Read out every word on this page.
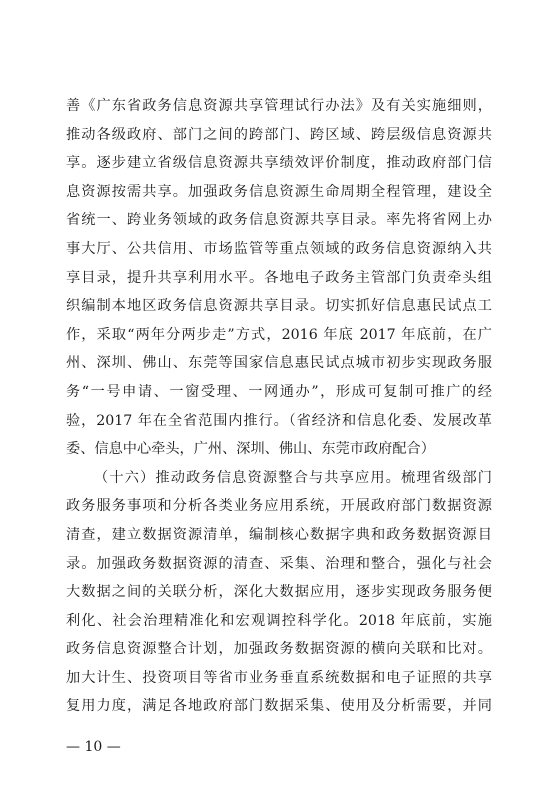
善《广东省政务信息资源共享管理试行办法》及有关实施细则，
推动各级政府、部门之间的跨部门、跨区域、跨层级信息资源共
享。逐步建立省级信息资源共享绩效评价制度，推动政府部门信
息资源按需共享。加强政务信息资源生命周期全程管理，建设全
省统一、跨业务领域的政务信息资源共享目录。率先将省网上办
事大厅、公共信用、市场监管等重点领域的政务信息资源纳入共
享目录，提升共享利用水平。各地电子政务主管部门负责牵头组
织编制本地区政务信息资源共享目录。切实抓好信息惠民试点工
作，采取“两年分两步走”方式，2016 年底 2017 年底前，在广
州、深圳、佛山、东莞等国家信息惠民试点城市初步实现政务服
务“一号申请、一窗受理、一网通办”，形成可复制可推广的经
验，2017 年在全省范围内推行。（省经济和信息化委、发展改革
委、信息中心牵头，广州、深圳、佛山、东莞市政府配合）
（十六）推动政务信息资源整合与共享应用。梳理省级部门
政务服务事项和分析各类业务应用系统，开展政府部门数据资源
清查，建立数据资源清单，编制核心数据字典和政务数据资源目
录。加强政务数据资源的清查、采集、治理和整合，强化与社会
大数据之间的关联分析，深化大数据应用，逐步实现政务服务便
利化、社会治理精准化和宏观调控科学化。2018 年底前，实施
政务信息资源整合计划，加强政务数据资源的横向关联和比对。
加大计生、投资项目等省市业务垂直系统数据和电子证照的共享
复用力度，满足各地政府部门数据采集、使用及分析需要，并同
— 10 —
